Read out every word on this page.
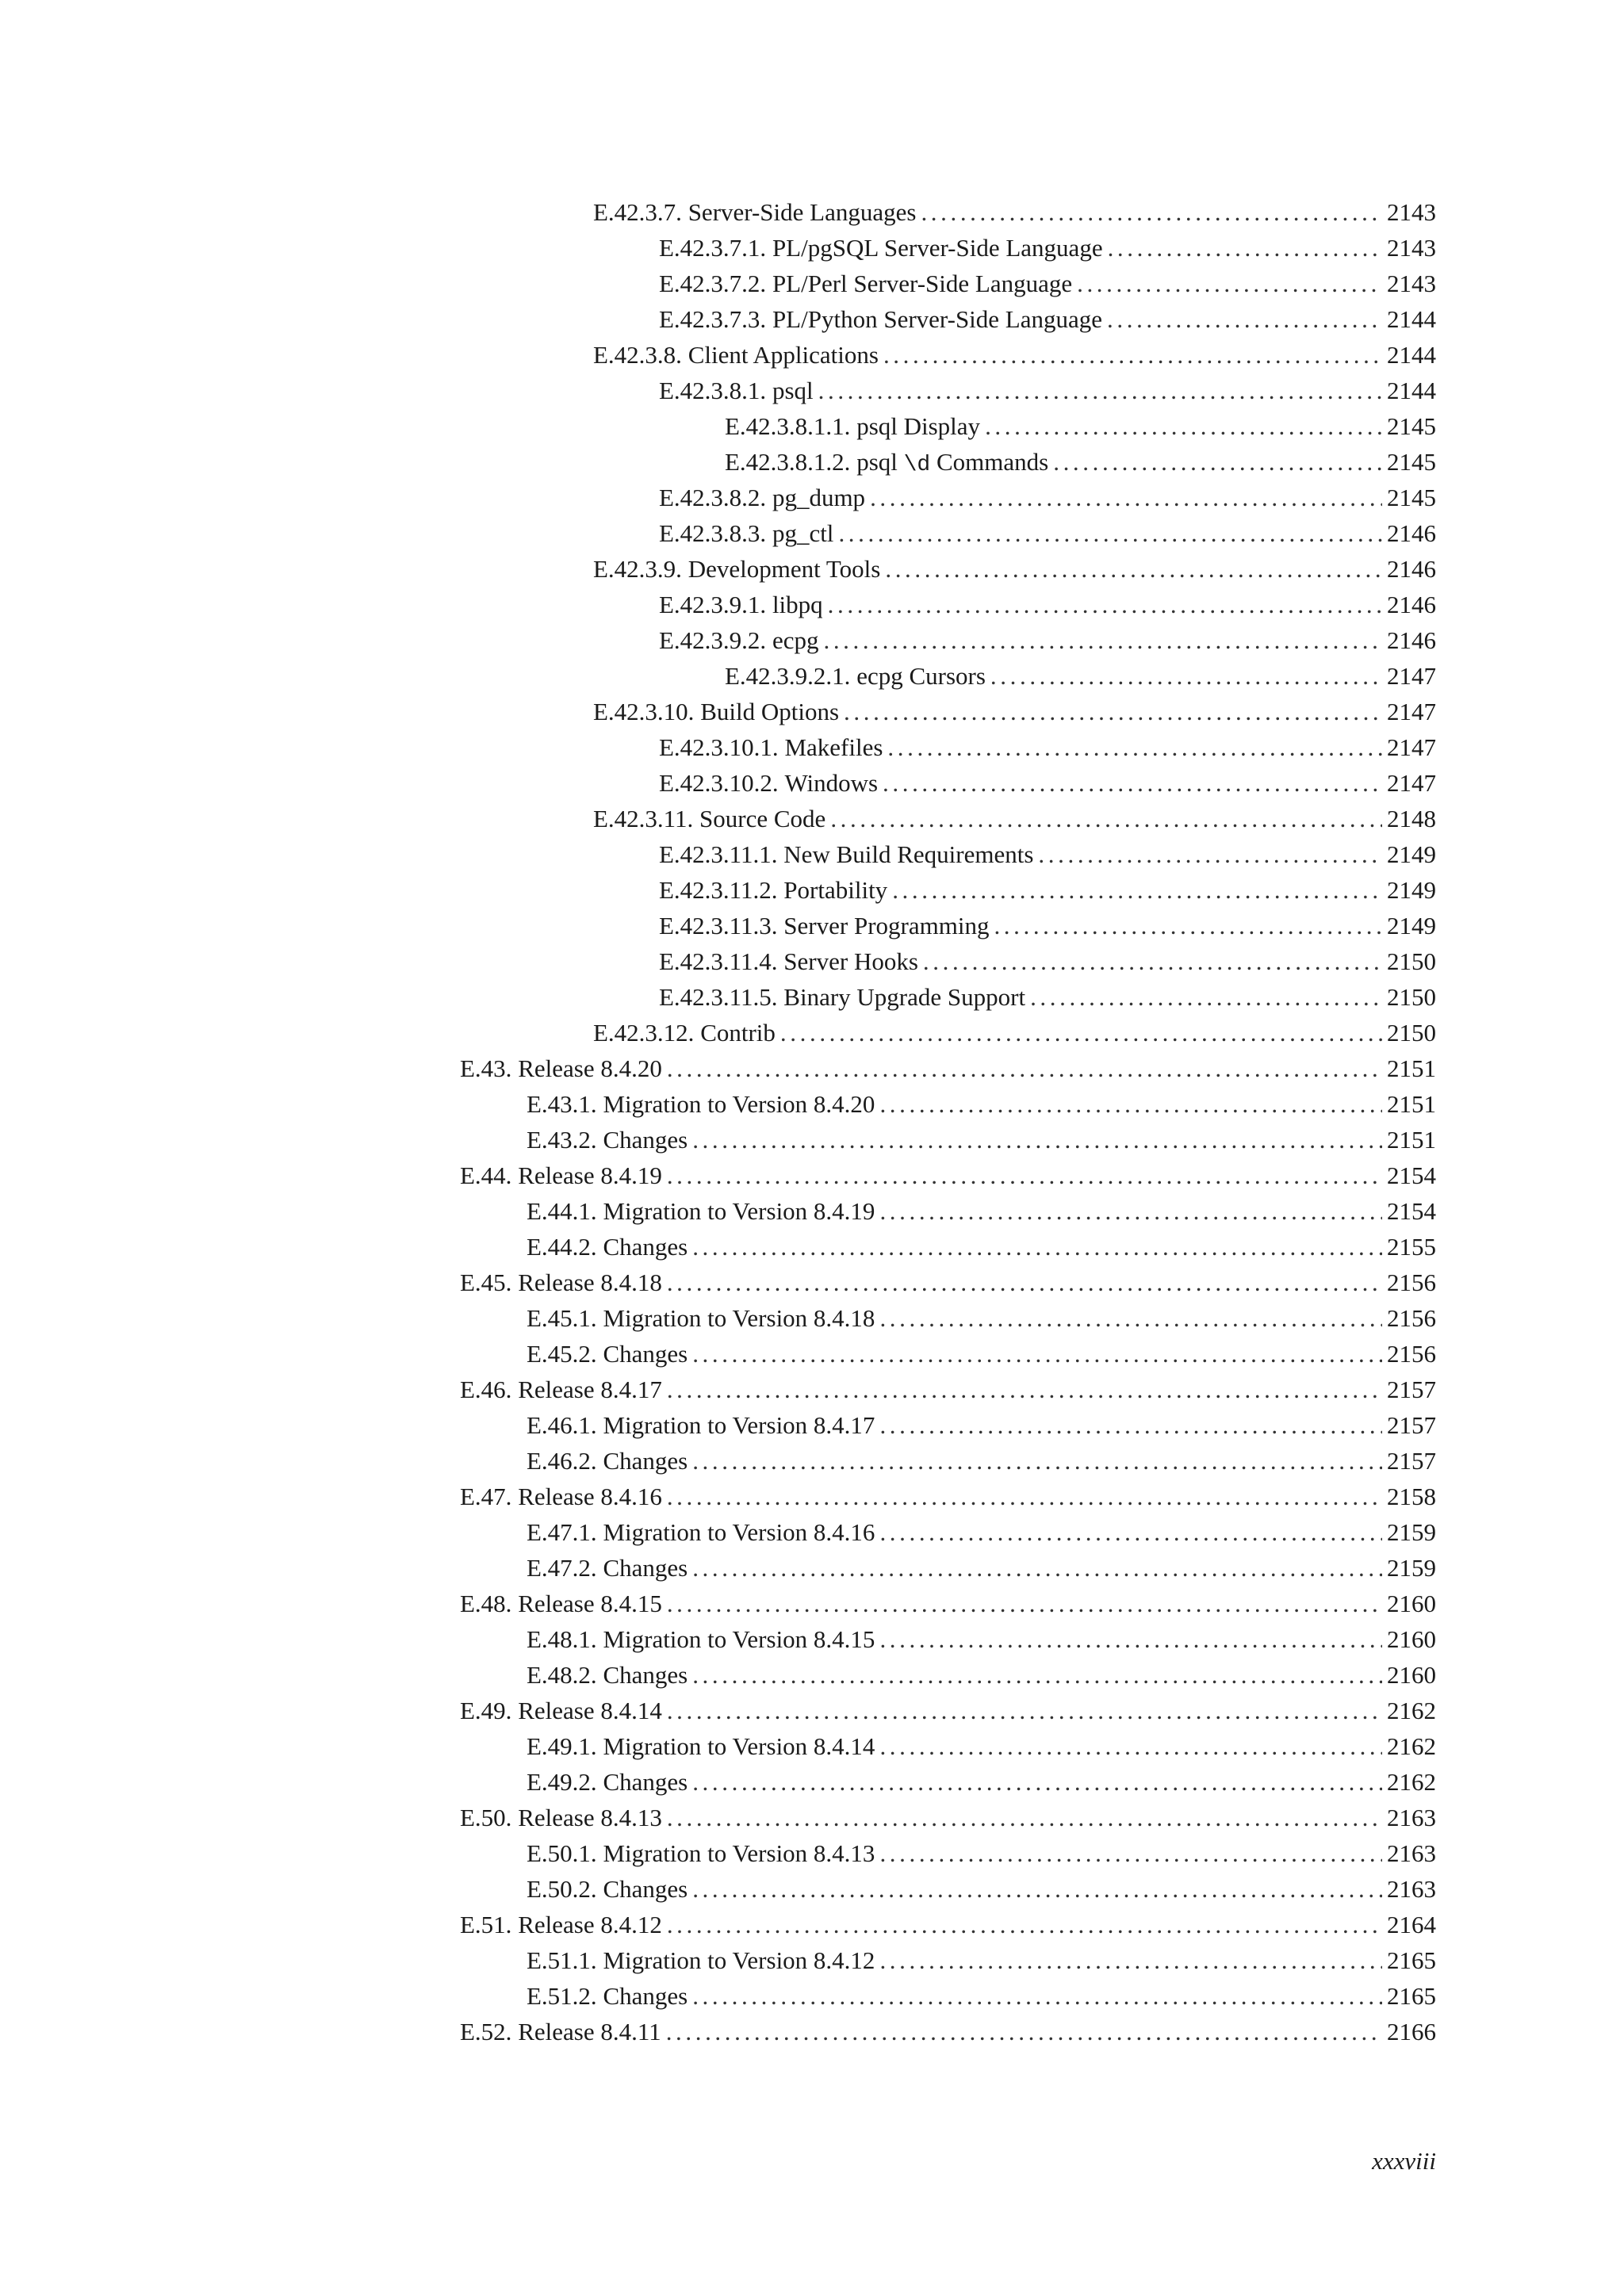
E.42.3.7. Server-Side Languages .....	2143
E.42.3.7.1. PL/pgSQL Server-Side Language .....	2143
E.42.3.7.2. PL/Perl Server-Side Language .....	2143
E.42.3.7.3. PL/Python Server-Side Language .....	2144
E.42.3.8. Client Applications .....	2144
E.42.3.8.1. psql .....	2144
E.42.3.8.1.1. psql Display .....	2145
E.42.3.8.1.2. psql \d Commands .....	2145
E.42.3.8.2. pg_dump .....	2145
E.42.3.8.3. pg_ctl .....	2146
E.42.3.9. Development Tools .....	2146
E.42.3.9.1. libpq .....	2146
E.42.3.9.2. ecpg .....	2146
E.42.3.9.2.1. ecpg Cursors .....	2147
E.42.3.10. Build Options .....	2147
E.42.3.10.1. Makefiles .....	2147
E.42.3.10.2. Windows .....	2147
E.42.3.11. Source Code .....	2148
E.42.3.11.1. New Build Requirements .....	2149
E.42.3.11.2. Portability .....	2149
E.42.3.11.3. Server Programming .....	2149
E.42.3.11.4. Server Hooks .....	2150
E.42.3.11.5. Binary Upgrade Support .....	2150
E.42.3.12. Contrib .....	2150
E.43. Release 8.4.20 .....	2151
E.43.1. Migration to Version 8.4.20 .....	2151
E.43.2. Changes .....	2151
E.44. Release 8.4.19 .....	2154
E.44.1. Migration to Version 8.4.19 .....	2154
E.44.2. Changes .....	2155
E.45. Release 8.4.18 .....	2156
E.45.1. Migration to Version 8.4.18 .....	2156
E.45.2. Changes .....	2156
E.46. Release 8.4.17 .....	2157
E.46.1. Migration to Version 8.4.17 .....	2157
E.46.2. Changes .....	2157
E.47. Release 8.4.16 .....	2158
E.47.1. Migration to Version 8.4.16 .....	2159
E.47.2. Changes .....	2159
E.48. Release 8.4.15 .....	2160
E.48.1. Migration to Version 8.4.15 .....	2160
E.48.2. Changes .....	2160
E.49. Release 8.4.14 .....	2162
E.49.1. Migration to Version 8.4.14 .....	2162
E.49.2. Changes .....	2162
E.50. Release 8.4.13 .....	2163
E.50.1. Migration to Version 8.4.13 .....	2163
E.50.2. Changes .....	2163
E.51. Release 8.4.12 .....	2164
E.51.1. Migration to Version 8.4.12 .....	2165
E.51.2. Changes .....	2165
E.52. Release 8.4.11 .....	2166
xxxviii
